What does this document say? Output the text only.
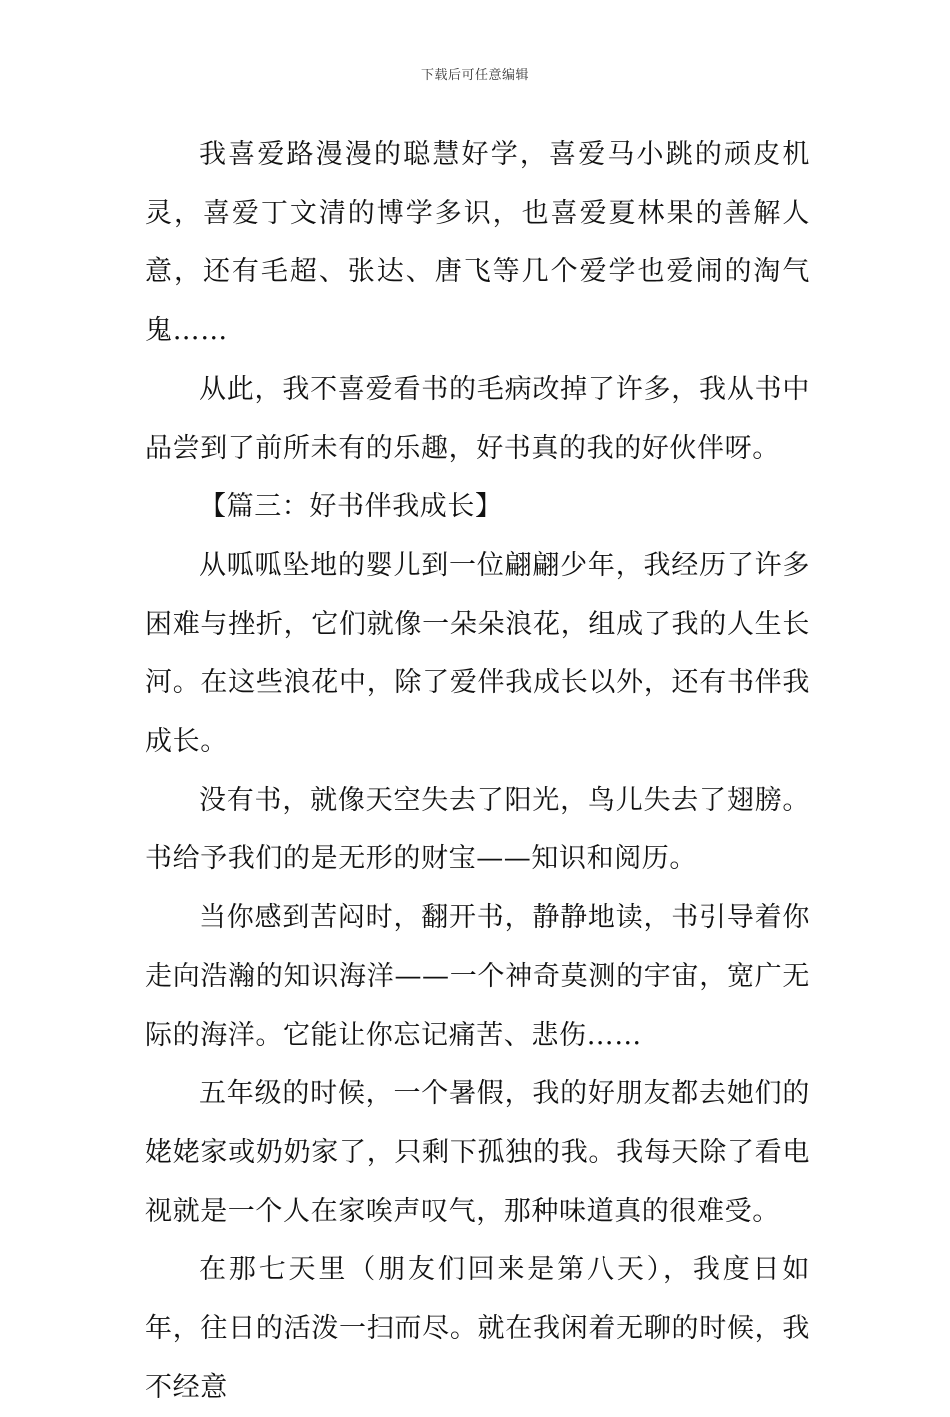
下载后可任意编辑

我喜爱路漫漫的聪慧好学，喜爱马小跳的顽皮机灵，喜爱丁文清的博学多识，也喜爱夏林果的善解人意，还有毛超、张达、唐飞等几个爱学也爱闹的淘气鬼……

从此，我不喜爱看书的毛病改掉了许多，我从书中品尝到了前所未有的乐趣，好书真的我的好伙伴呀。

【篇三：好书伴我成长】

从呱呱坠地的婴儿到一位翩翩少年，我经历了许多困难与挫折，它们就像一朵朵浪花，组成了我的人生长河。在这些浪花中，除了爱伴我成长以外，还有书伴我成长。

没有书，就像天空失去了阳光，鸟儿失去了翅膀。书给予我们的是无形的财宝——知识和阅历。

当你感到苦闷时，翻开书，静静地读，书引导着你走向浩瀚的知识海洋——一个神奇莫测的宇宙，宽广无际的海洋。它能让你忘记痛苦、悲伤……

五年级的时候，一个暑假，我的好朋友都去她们的姥姥家或奶奶家了，只剩下孤独的我。我每天除了看电视就是一个人在家唉声叹气，那种味道真的很难受。

在那七天里（朋友们回来是第八天），我度日如年，往日的活泼一扫而尽。就在我闲着无聊的时候，我不经意
